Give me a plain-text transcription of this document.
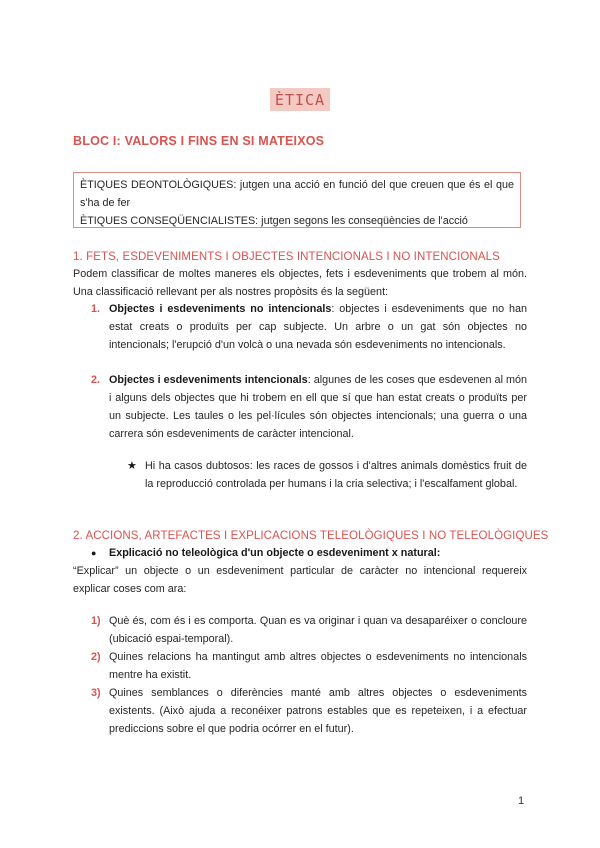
ÈTICA
BLOC I: VALORS I FINS EN SI MATEIXOS

ÈTIQUES DEONTOLÒGIQUES: jutgen una acció en funció del que creuen que és el que s'ha de fer

ÈTIQUES CONSEQÜENCIALISTES: jutgen segons les conseqüències de l'acció

1. FETS, ESDEVENIMENTS I OBJECTES INTENCIONALS I NO INTENCIONALS

Podem classificar de moltes maneres els objectes, fets i esdeveniments que trobem al món. Una classificació rellevant per als nostres propòsits és la següent:

1. Objectes i esdeveniments no intencionals: objectes i esdeveniments que no han estat creats o produïts per cap subjecte. Un arbre o un gat són objectes no intencionals; l'erupció d'un volcà o una nevada són esdeveniments no intencionals.
2. Objectes i esdeveniments intencionals: algunes de les coses que esdevenen al món i alguns dels objectes que hi trobem en ell que sí que han estat creats o produïts per un subjecte. Les taules o les pel·lícules són objectes intencionals; una guerra o una carrera són esdeveniments de caràcter intencional.
★ Hi ha casos dubtosos: les races de gossos i d'altres animals domèstics fruit de la reproducció controlada per humans i la cria selectiva; i l'escalfament global.
2. ACCIONS, ARTEFACTES I EXPLICACIONS TELEOLÒGIQUES I NO TELEOLÒGIQUES
● Explicació no teleològica d'un objecte o esdeveniment x natural:

“Explicar” un objecte o un esdeveniment particular de caràcter no intencional requereix explicar coses com ara:

1) Què és, com és i es comporta. Quan es va originar i quan va desaparéixer o concloure (ubicació espai-temporal).
2) Quines relacions ha mantingut amb altres objectes o esdeveniments no intencionals mentre ha existit.
3) Quines semblances o diferències manté amb altres objectes o esdeveniments existents. (Això ajuda a reconéixer patrons estables que es repeteixen, i a efectuar prediccions sobre el que podria ocórrer en el futur).
1
